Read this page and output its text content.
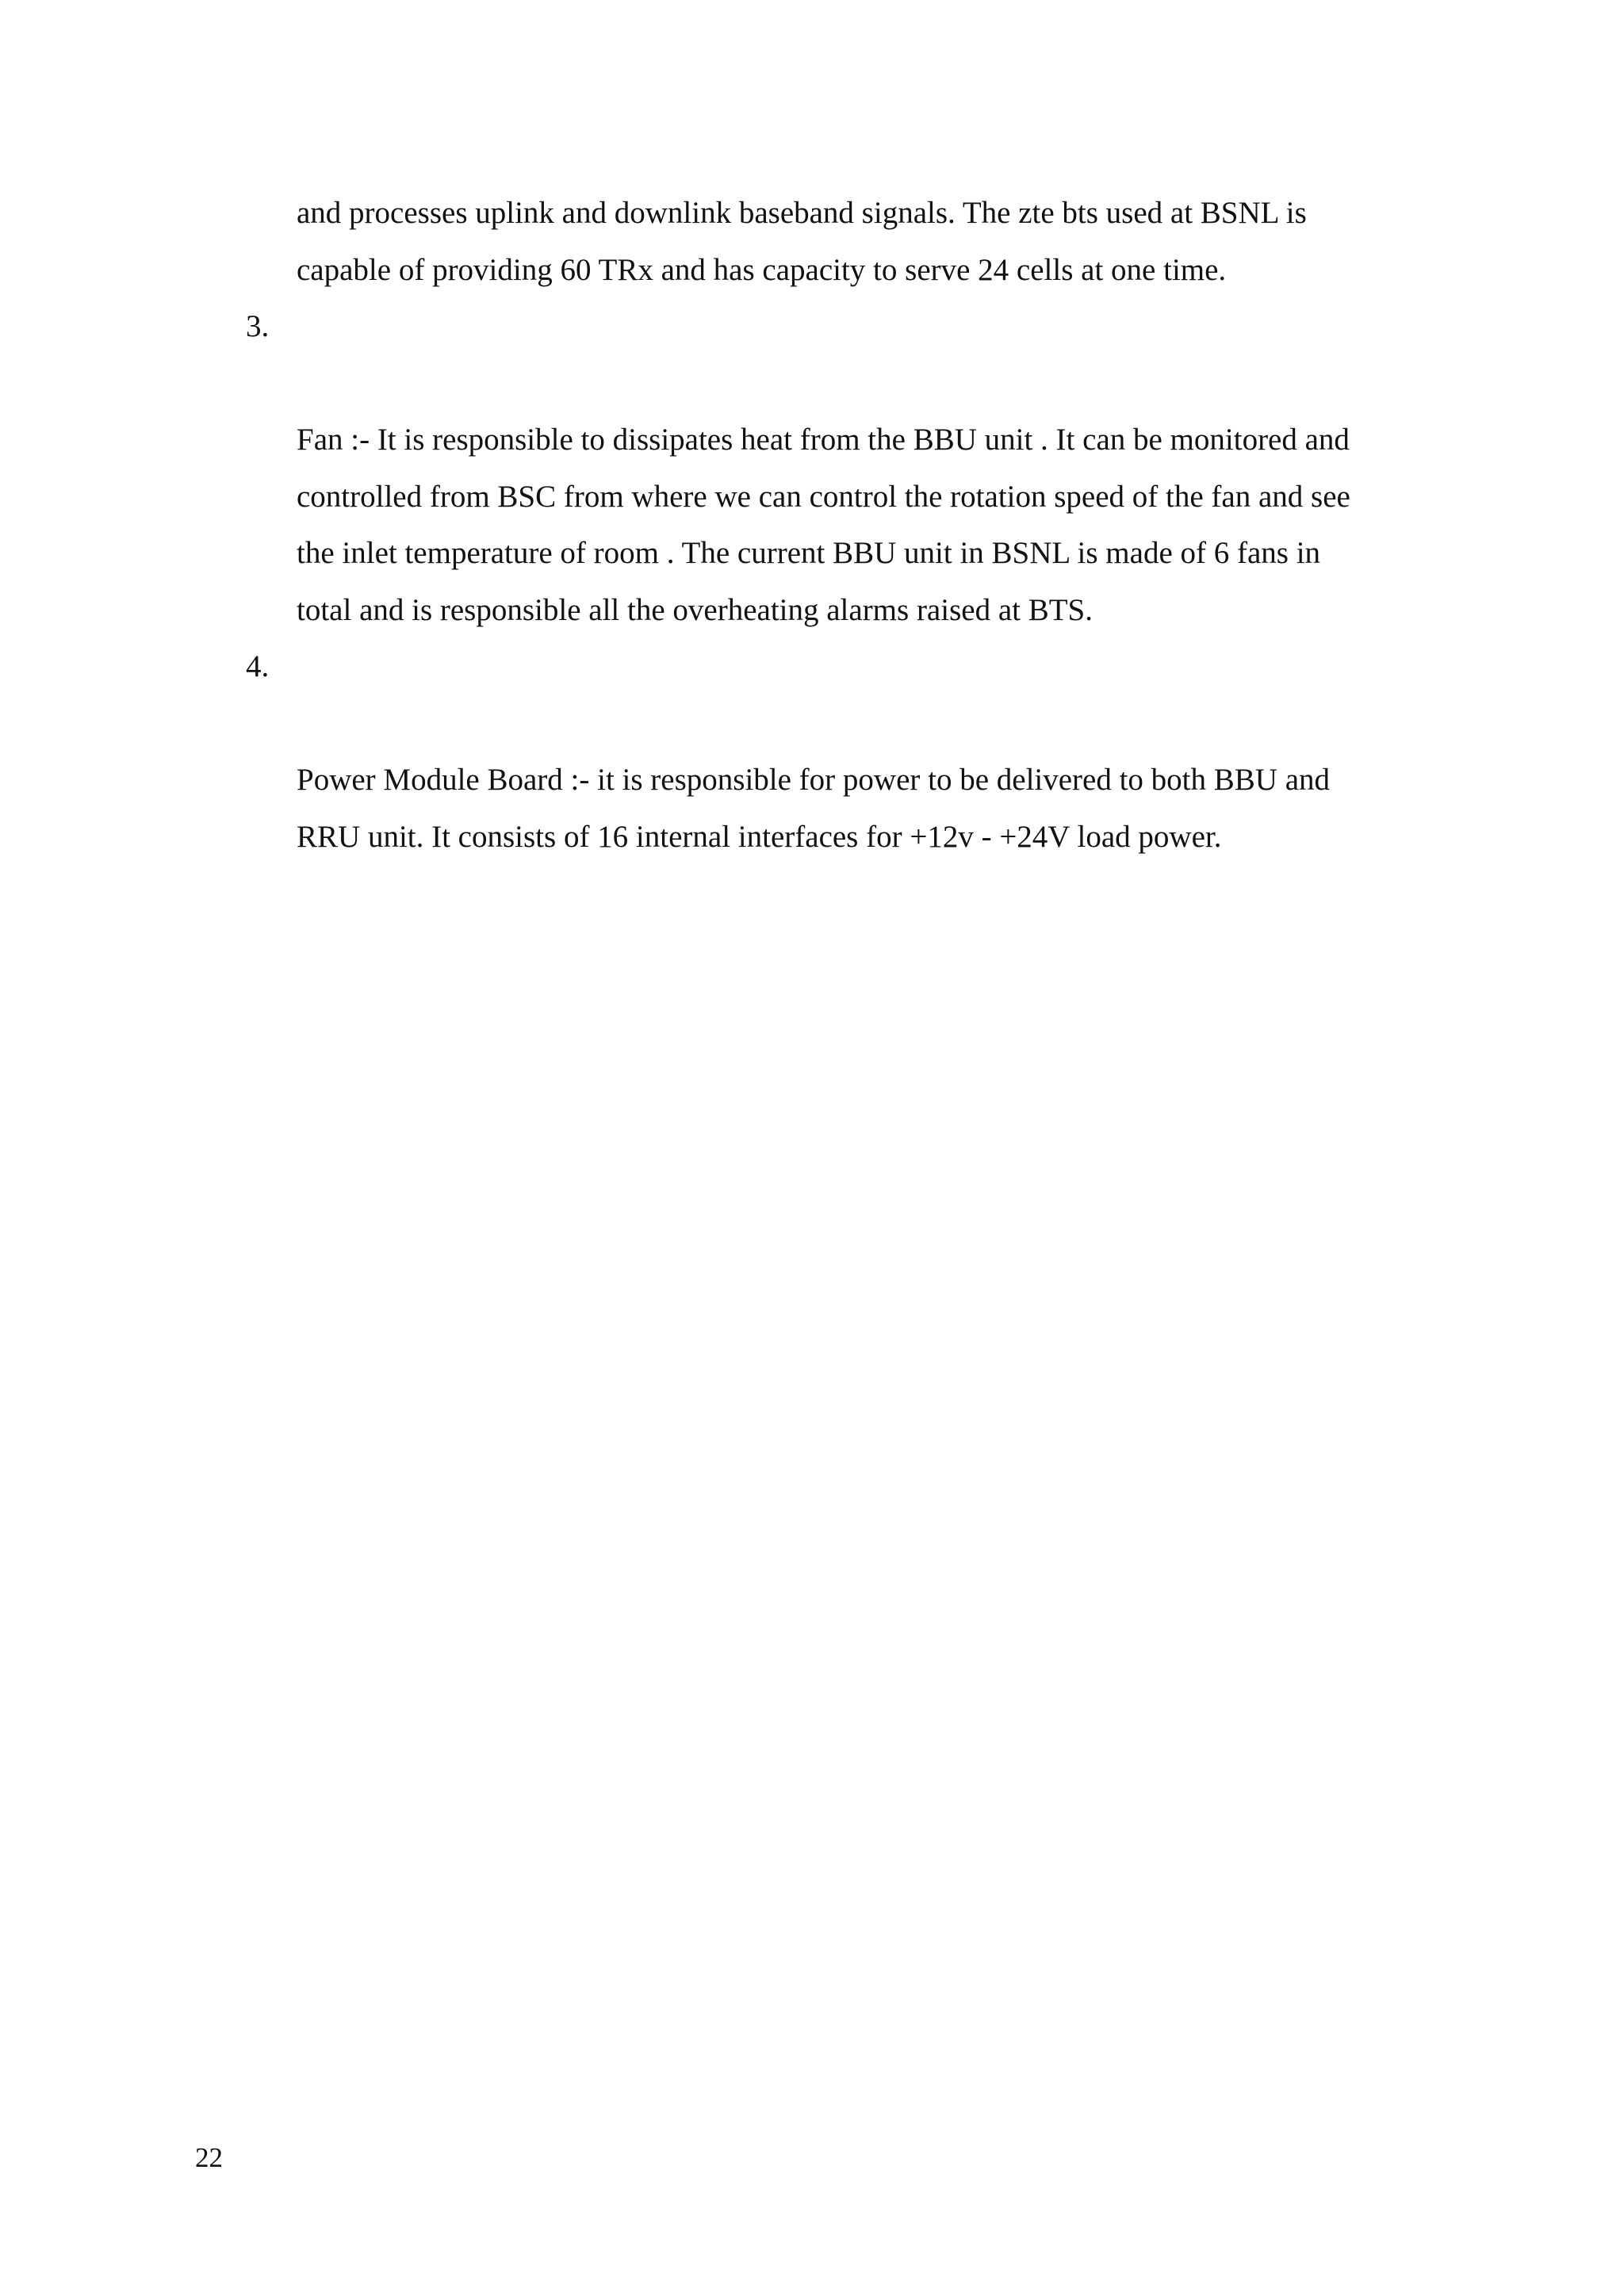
and processes uplink and downlink baseband signals. The zte bts used at BSNL is
capable of providing 60 TRx and has capacity to serve 24 cells at one time.

3.

Fan :- It is responsible to dissipates heat from the BBU unit . It can be monitored and
controlled from BSC from where we can control the rotation speed of the fan and see
the inlet temperature of room . The current BBU unit in BSNL is made of 6 fans in
total and is responsible all the overheating alarms raised at BTS.

4.

Power Module Board :- it is responsible for power to be delivered to both BBU and
RRU unit. It consists of 16 internal interfaces for +12v - +24V load power.

22
